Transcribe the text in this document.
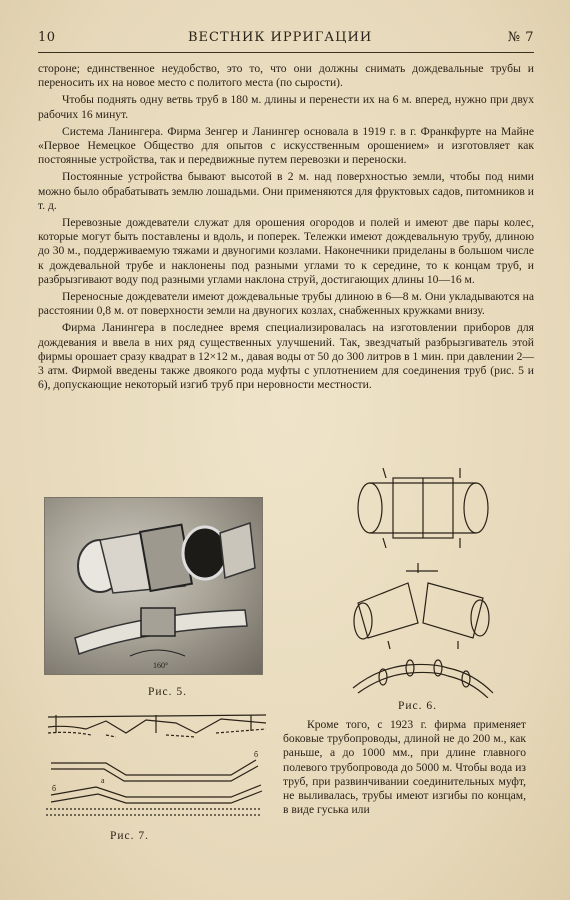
10	ВЕСТНИК ИРРИГАЦИИ	№ 7

стороне; единственное неудобство, это то, что они должны снимать дождевальные трубы и переносить их на новое место с политого места (по сырости).

Чтобы поднять одну ветвь труб в 180 м. длины и перенести их на 6 м. вперед, нужно при двух рабочих 16 минут.

Система Ланингера. Фирма Зенгер и Ланингер основала в 1919 г. в г. Франкфурте на Майне «Первое Немецкое Общество для опытов с искусственным орошением» и изготовляет как постоянные устройства, так и передвижные путем перевозки и переноски.

Постоянные устройства бывают высотой в 2 м. над поверхностью земли, чтобы под ними можно было обрабатывать землю лошадьми. Они применяются для фруктовых садов, питомников и т. д.

Перевозные дождеватели служат для орошения огородов и полей и имеют две пары колес, которые могут быть поставлены и вдоль, и поперек. Тележки имеют дождевальную трубу, длиною до 30 м., поддерживаемую тяжами и двуногими козлами. Наконечники приделаны в большом числе к дождевальной трубе и наклонены под разными углами то к середине, то к концам труб, и разбрызгивают воду под разными углами наклона струй, достигающих длины 10—16 м.

Переносные дождеватели имеют дождевальные трубы длиною в 6—8 м. Они укладываются на расстоянии 0,8 м. от поверхности земли на двуногих козлах, снабженных кружками внизу.

Фирма Ланингера в последнее время специализировалась на изготовлении приборов для дождевания и ввела в них ряд существенных улучшений. Так, звездчатый разбрызгиватель этой фирмы орошает сразу квадрат в 12×12 м., давая воды от 50 до 300 литров в 1 мин. при давлении 2—3 атм. Фирмой введены также двоякого рода муфты с уплотнением для соединения труб (рис. 5 и 6), допускающие некоторый изгиб труб при неровности местности.

160°
Рис. 5.
Рис. 6.
б
а
б
Рис. 7.

Кроме того, с 1923 г. фирма применяет боковые трубопроводы, длиной не до 200 м., как раньше, а до 1000 мм., при длине главного полевого трубопровода до 5000 м. Чтобы вода из труб, при развинчивании соединительных муфт, не выливалась, трубы имеют изгибы по концам, в виде гуська или
